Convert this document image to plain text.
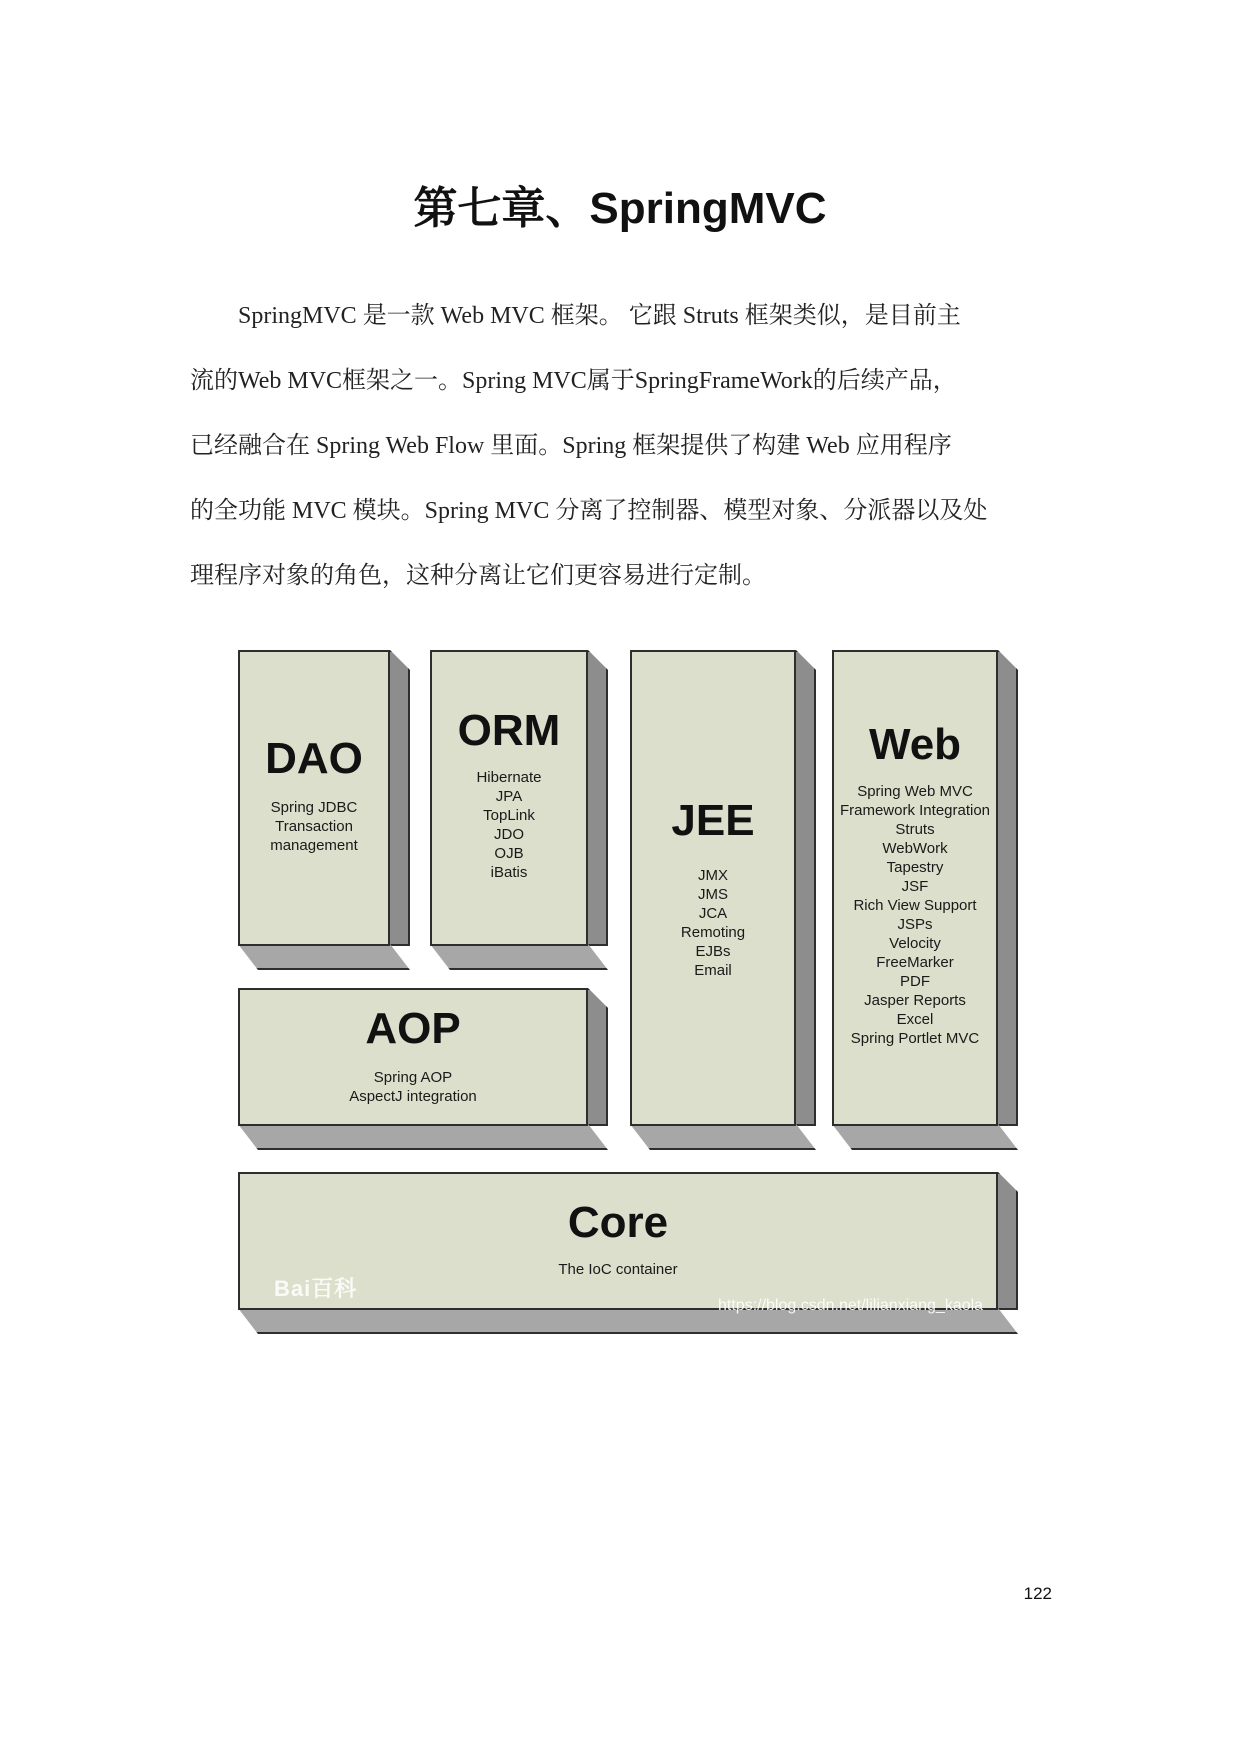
第七章、SpringMVC
SpringMVC 是一款 Web MVC 框架。 它跟 Struts 框架类似，是目前主
流的Web MVC框架之一。Spring MVC属于SpringFrameWork的后续产品，
已经融合在 Spring Web Flow 里面。Spring 框架提供了构建 Web 应用程序
的全功能 MVC 模块。Spring MVC 分离了控制器、模型对象、分派器以及处
理程序对象的角色，这种分离让它们更容易进行定制。
DAO
Spring JDBC
Transaction
management
ORM
Hibernate
JPA
TopLink
JDO
OJB
iBatis
JEE
JMX
JMS
JCA
Remoting
EJBs
Email
Web
Spring Web MVC
Framework Integration
Struts
WebWork
Tapestry
JSF
Rich View Support
JSPs
Velocity
FreeMarker
PDF
Jasper Reports
Excel
Spring Portlet MVC
AOP
Spring AOP
AspectJ integration
Core
The IoC container
Bai百科
https://blog.csdn.net/lilianxiang_kaola
122
